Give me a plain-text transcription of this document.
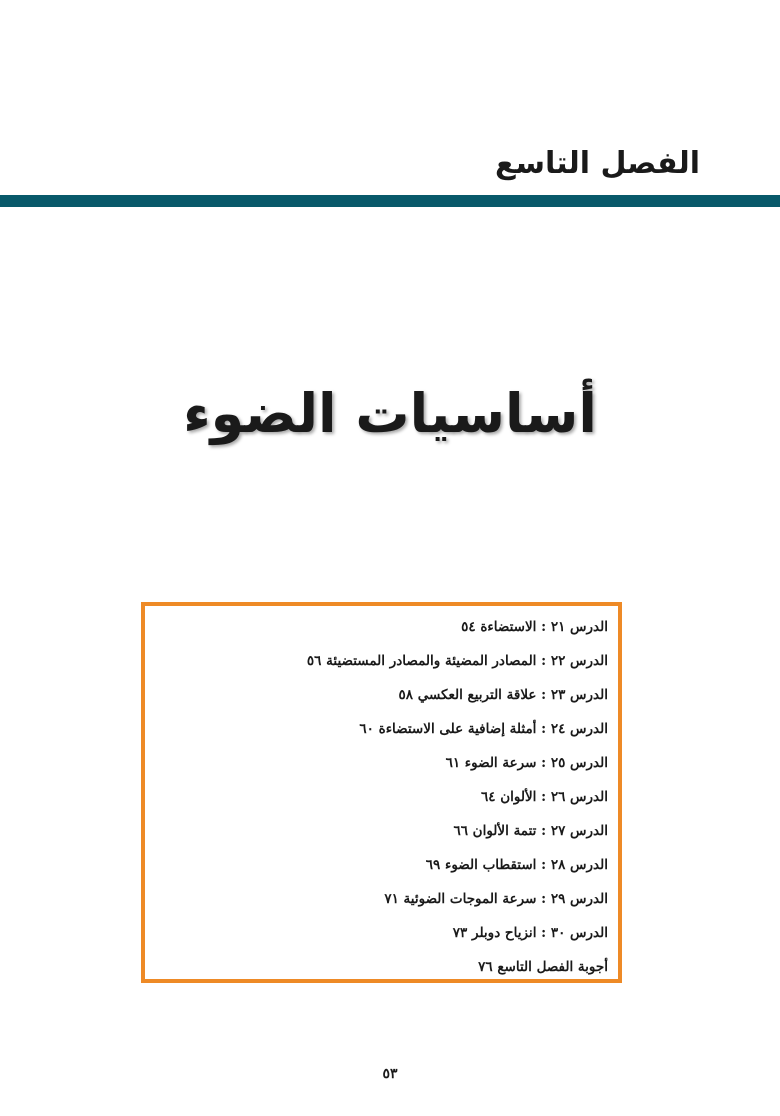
الفصل التاسع
أساسيات الضوء
الدرس ٢١ : الاستضاءة ٥٤
الدرس ٢٢ : المصادر المضيئة والمصادر المستضيئة ٥٦
الدرس ٢٣ : علاقة التربيع العكسي ٥٨
الدرس ٢٤ : أمثلة إضافية على الاستضاءة ٦٠
الدرس ٢٥ : سرعة الضوء ٦١
الدرس ٢٦ : الألوان ٦٤
الدرس ٢٧ : تتمة الألوان ٦٦
الدرس ٢٨ : استقطاب الضوء ٦٩
الدرس ٢٩ : سرعة الموجات الضوئية ٧١
الدرس ٣٠ : انزياح دوبلر ٧٣
أجوبة الفصل التاسع ٧٦
٥٣
